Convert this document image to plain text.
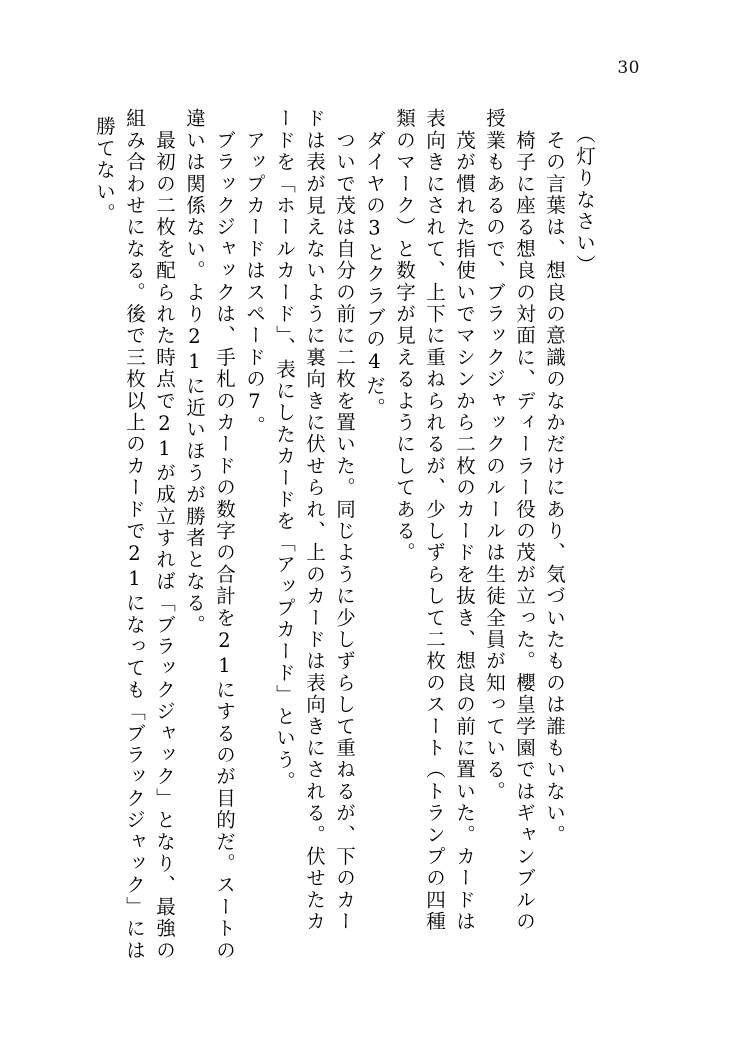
30
勝てない。 組み合わせになる。後で三枚以上のカードで21になっても「ブラックジャック」には 　最初の二枚を配られた時点で21が成立すれば「ブラックジャック」となり、最強の 違いは関係ない。より21に近いほうが勝者となる。 　ブラックジャックは、手札のカードの数字の合計を21にするのが目的だ。スートの 　アップカードはスペードの7。 ードを「ホールカード」、表にしたカードを「アップカード」という。 ドは表が見えないように裏向きに伏せられ、上のカードは表向きにされる。伏せたカ 　ついで茂は自分の前に二枚を置いた。同じように少しずらして重ねるが、下のカー 　ダイヤの3とクラブの4だ。 類のマーク）と数字が見えるようにしてある。 表向きにされて、上下に重ねられるが、少しずらして二枚のスート（トランプの四種 　茂が慣れた指使いでマシンから二枚のカードを抜き、想良の前に置いた。カードは 授業もあるので、ブラックジャックのルールは生徒全員が知っている。 　椅子に座る想良の対面に、ディーラー役の茂が立った。櫻皇学園ではギャンブルの 　その言葉は、想良の意識のなかだけにあり、気づいたものは誰もいない。 （灯りなさい）
